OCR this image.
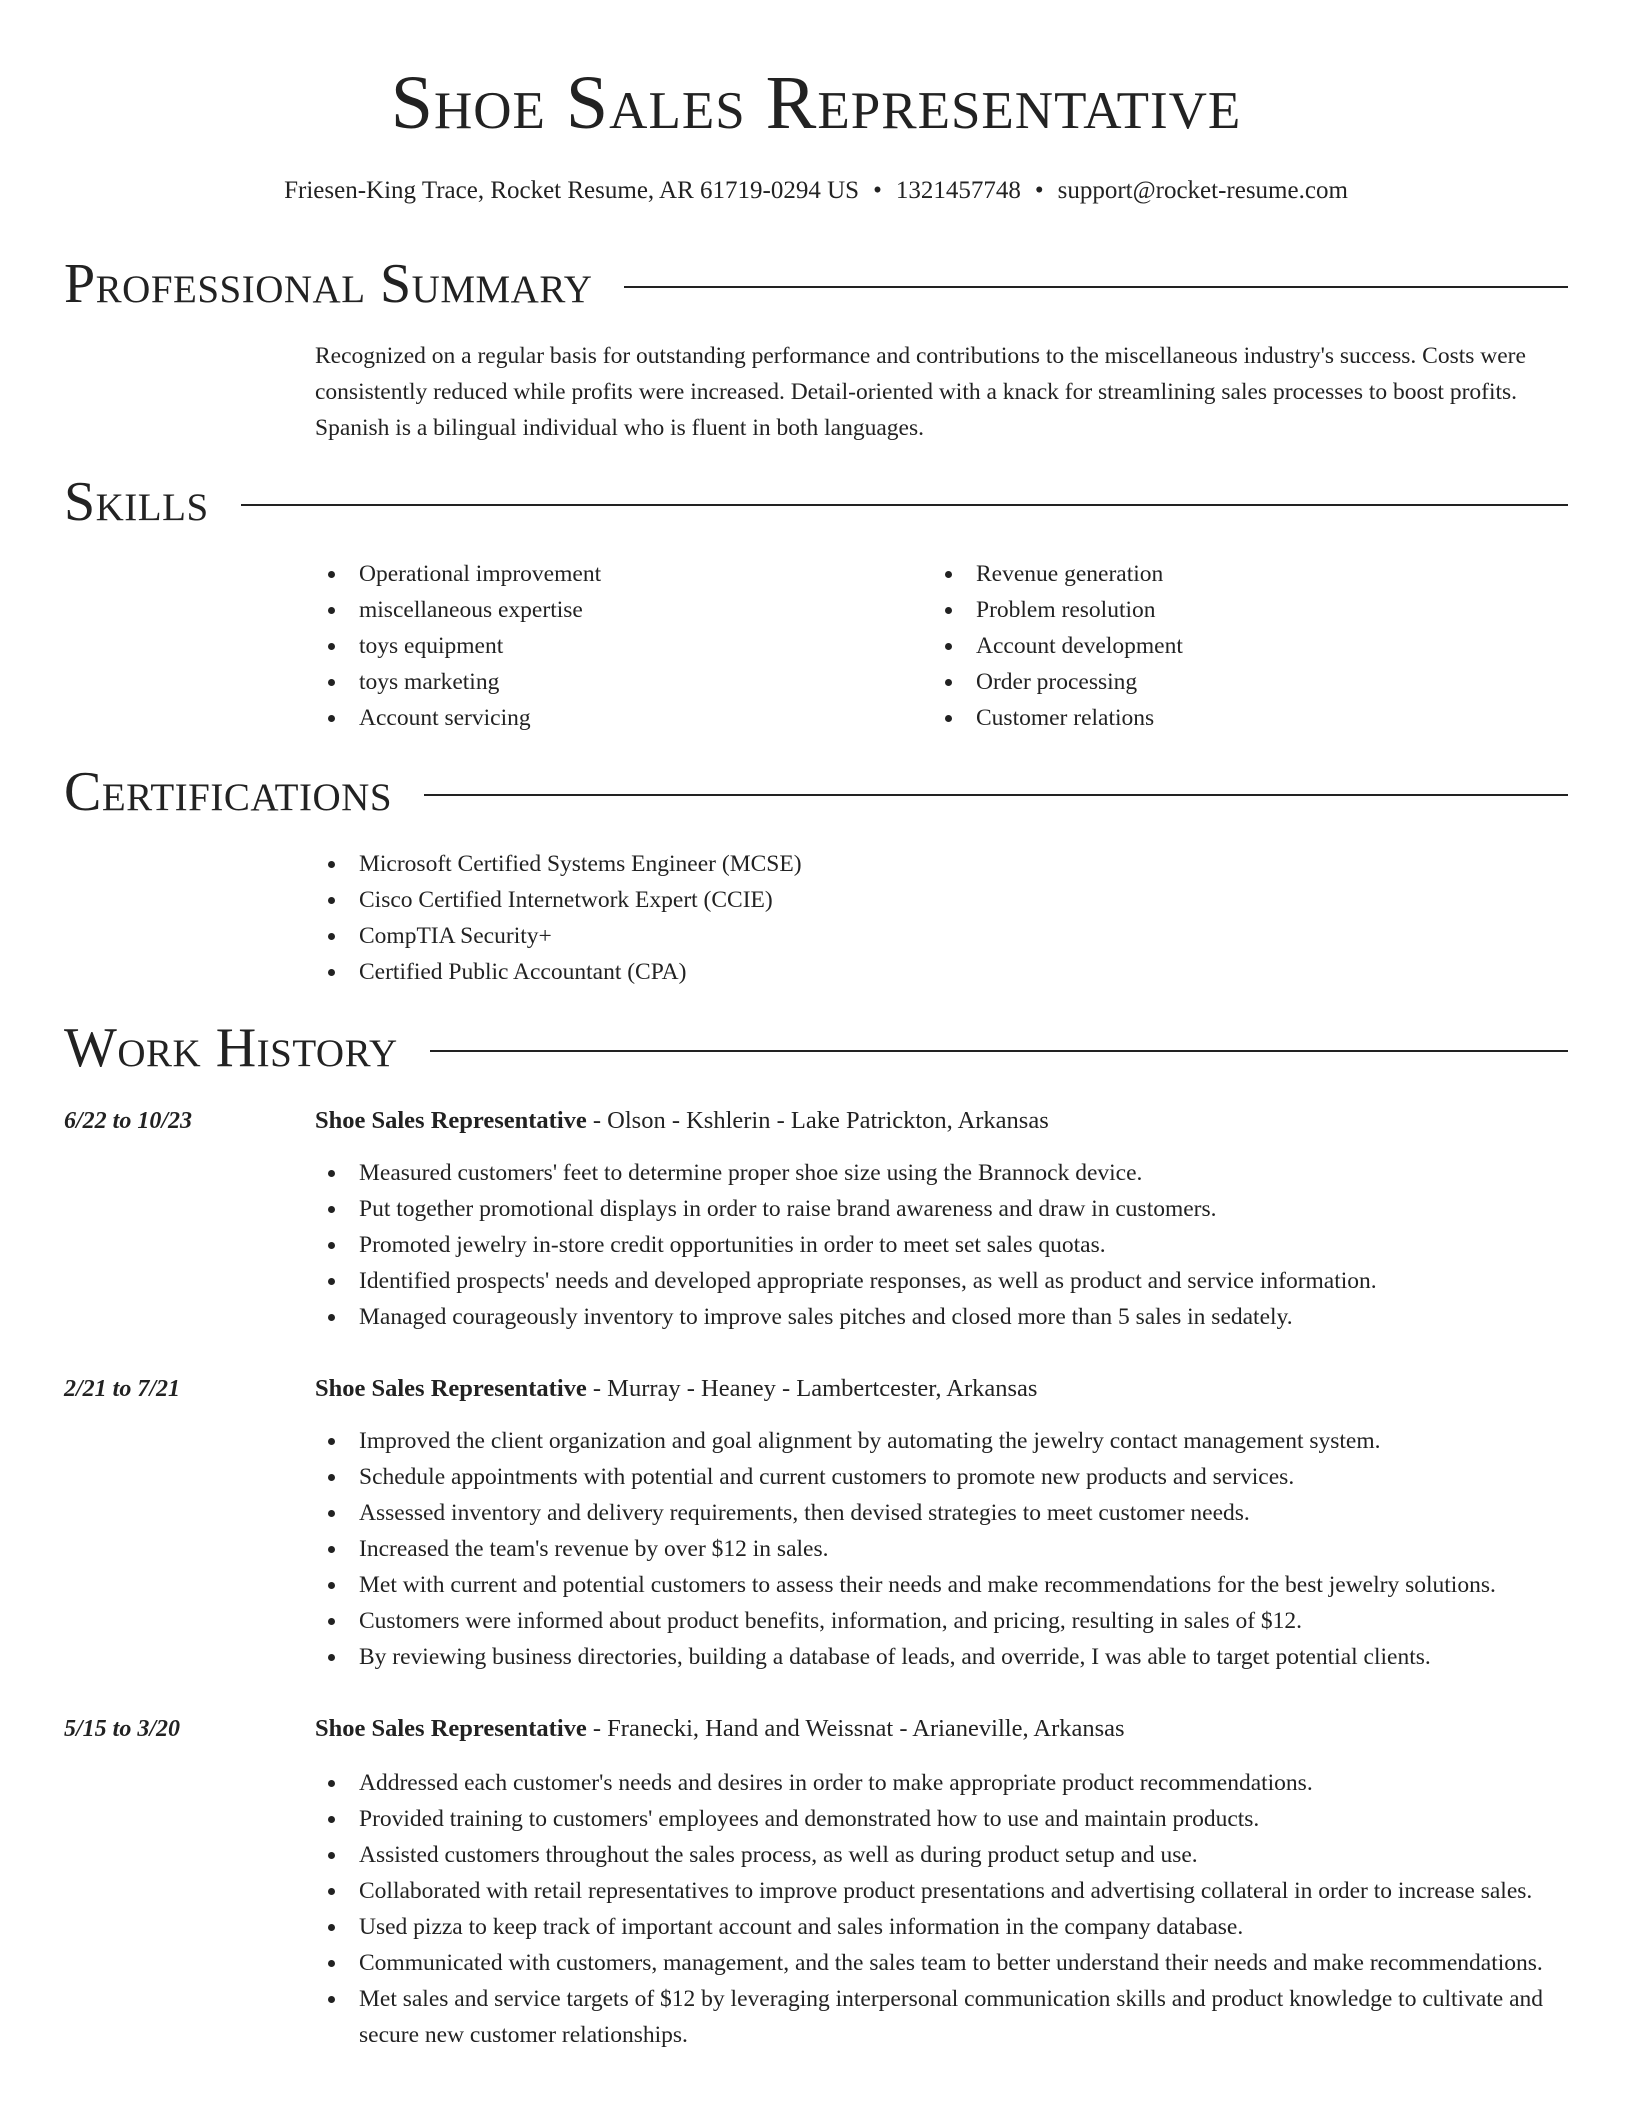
Shoe Sales Representative
Friesen-King Trace, Rocket Resume, AR 61719-0294 US • 1321457748 • support@rocket-resume.com
Professional Summary

Recognized on a regular basis for outstanding performance and contributions to the miscellaneous industry's success. Costs were consistently reduced while profits were increased. Detail-oriented with a knack for streamlining sales processes to boost profits. Spanish is a bilingual individual who is fluent in both languages.

Skills
Operational improvement
miscellaneous expertise
toys equipment
toys marketing
Account servicing
Revenue generation
Problem resolution
Account development
Order processing
Customer relations
Certifications
Microsoft Certified Systems Engineer (MCSE)
Cisco Certified Internetwork Expert (CCIE)
CompTIA Security+
Certified Public Accountant (CPA)
Work History
6/22 to 10/23	Shoe Sales Representative - Olson - Kshlerin - Lake Patrickton, Arkansas
Measured customers' feet to determine proper shoe size using the Brannock device.
Put together promotional displays in order to raise brand awareness and draw in customers.
Promoted jewelry in-store credit opportunities in order to meet set sales quotas.
Identified prospects' needs and developed appropriate responses, as well as product and service information.
Managed courageously inventory to improve sales pitches and closed more than 5 sales in sedately.
2/21 to 7/21	Shoe Sales Representative - Murray - Heaney - Lambertcester, Arkansas
Improved the client organization and goal alignment by automating the jewelry contact management system.
Schedule appointments with potential and current customers to promote new products and services.
Assessed inventory and delivery requirements, then devised strategies to meet customer needs.
Increased the team's revenue by over $12 in sales.
Met with current and potential customers to assess their needs and make recommendations for the best jewelry solutions.
Customers were informed about product benefits, information, and pricing, resulting in sales of $12.
By reviewing business directories, building a database of leads, and override, I was able to target potential clients.
5/15 to 3/20	Shoe Sales Representative - Franecki, Hand and Weissnat - Arianeville, Arkansas
Addressed each customer's needs and desires in order to make appropriate product recommendations.
Provided training to customers' employees and demonstrated how to use and maintain products.
Assisted customers throughout the sales process, as well as during product setup and use.
Collaborated with retail representatives to improve product presentations and advertising collateral in order to increase sales.
Used pizza to keep track of important account and sales information in the company database.
Communicated with customers, management, and the sales team to better understand their needs and make recommendations.
Met sales and service targets of $12 by leveraging interpersonal communication skills and product knowledge to cultivate and secure new customer relationships.
